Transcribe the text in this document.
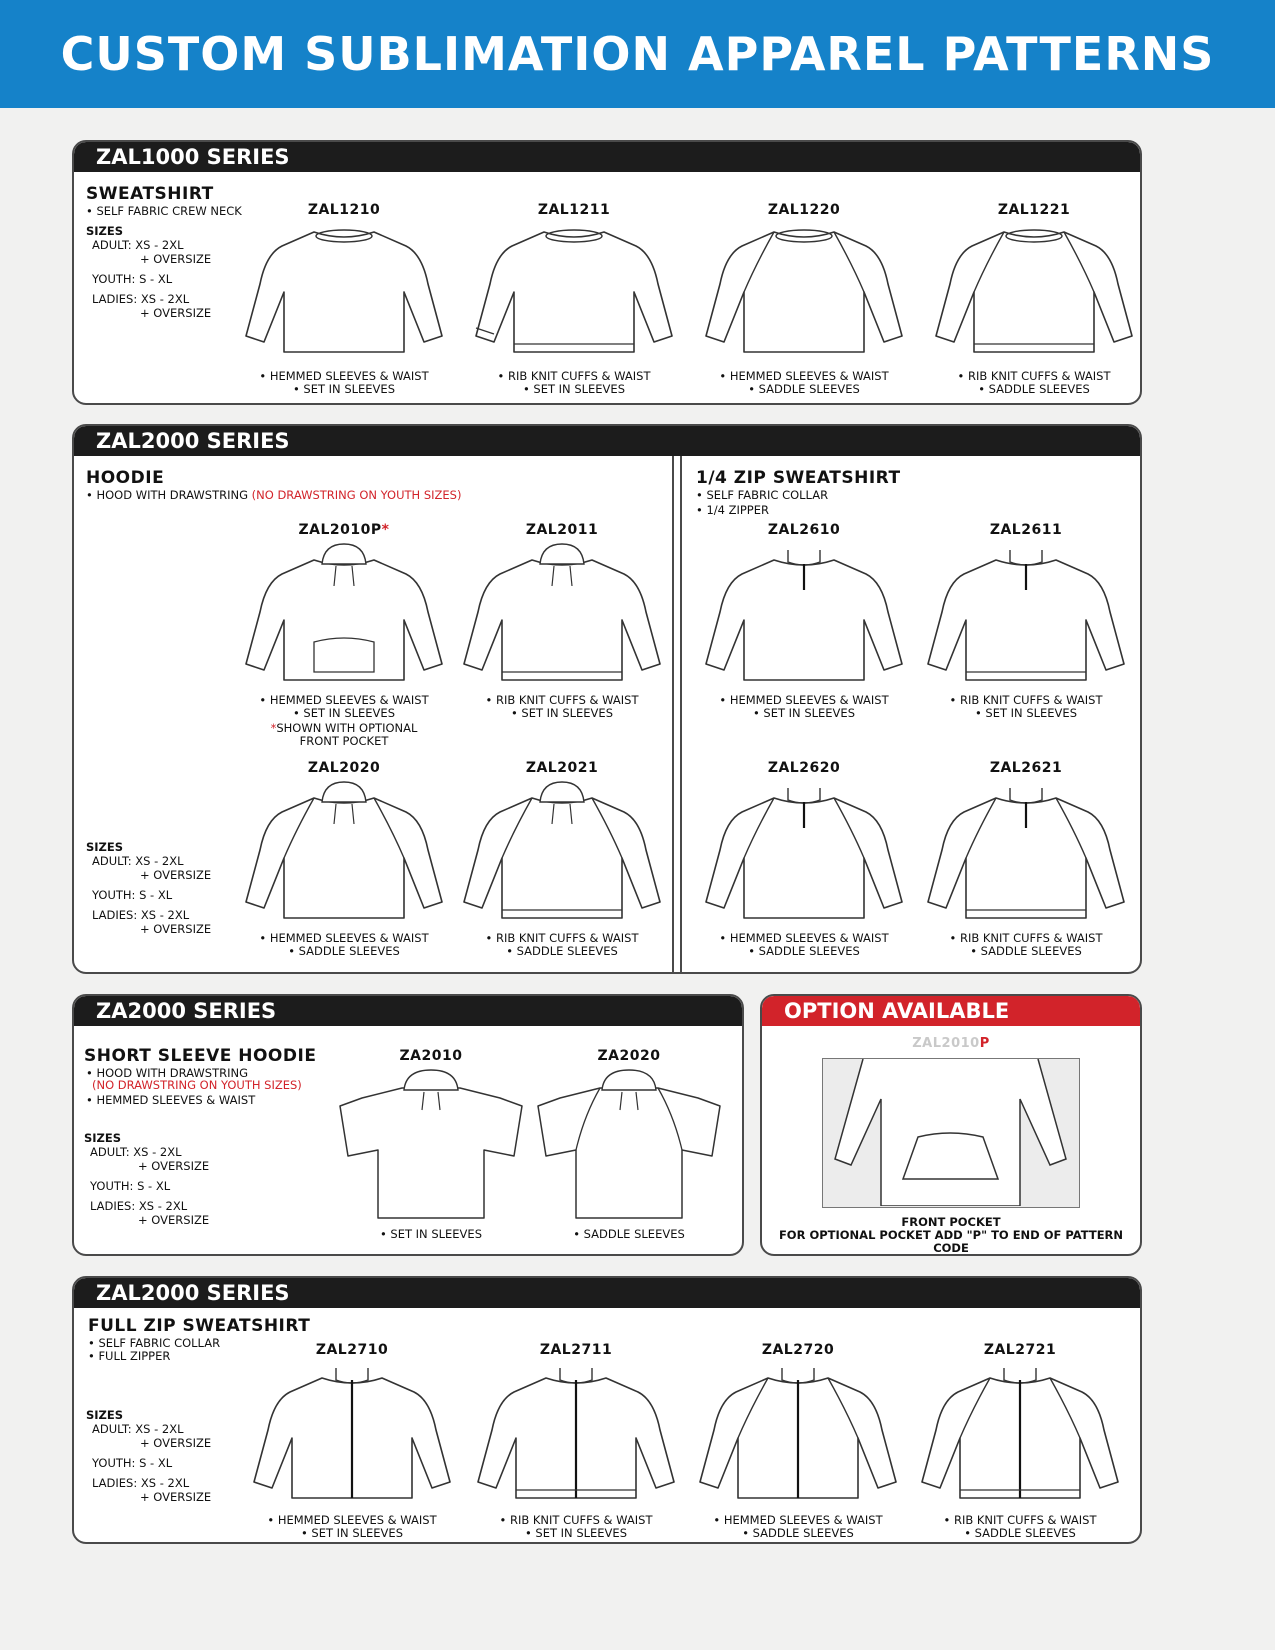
CUSTOM SUBLIMATION APPAREL PATTERNS
ZAL1000 SERIES
SWEATSHIRT
• SELF FABRIC CREW NECK
SIZES
ADULT: XS - 2XL
+ OVERSIZE
YOUTH: S - XL
LADIES: XS - 2XL
+ OVERSIZE
ZAL1210
• HEMMED SLEEVES & WAIST
• SET IN SLEEVES
ZAL1211
• RIB KNIT CUFFS & WAIST
• SET IN SLEEVES
ZAL1220
• HEMMED SLEEVES & WAIST
• SADDLE SLEEVES
ZAL1221
• RIB KNIT CUFFS & WAIST
• SADDLE SLEEVES
ZAL2000 SERIES
HOODIE
• HOOD WITH DRAWSTRING (NO DRAWSTRING ON YOUTH SIZES)
SIZES
ADULT: XS - 2XL
+ OVERSIZE
YOUTH: S - XL
LADIES: XS - 2XL
+ OVERSIZE
ZAL2010P*
• HEMMED SLEEVES & WAIST
• SET IN SLEEVES
*SHOWN WITH OPTIONAL
FRONT POCKET
ZAL2011
• RIB KNIT CUFFS & WAIST
• SET IN SLEEVES
ZAL2020
• HEMMED SLEEVES & WAIST
• SADDLE SLEEVES
ZAL2021
• RIB KNIT CUFFS & WAIST
• SADDLE SLEEVES
1/4 ZIP SWEATSHIRT
• SELF FABRIC COLLAR
• 1/4 ZIPPER
ZAL2610
• HEMMED SLEEVES & WAIST
• SET IN SLEEVES
ZAL2611
• RIB KNIT CUFFS & WAIST
• SET IN SLEEVES
ZAL2620
• HEMMED SLEEVES & WAIST
• SADDLE SLEEVES
ZAL2621
• RIB KNIT CUFFS & WAIST
• SADDLE SLEEVES
ZA2000 SERIES
SHORT SLEEVE HOODIE
• HOOD WITH DRAWSTRING
(NO DRAWSTRING ON YOUTH SIZES)
• HEMMED SLEEVES & WAIST
SIZES
ADULT: XS - 2XL
+ OVERSIZE
YOUTH: S - XL
LADIES: XS - 2XL
+ OVERSIZE
ZA2010
• SET IN SLEEVES
ZA2020
• SADDLE SLEEVES
OPTION AVAILABLE
ZAL2010P
FRONT POCKET
FOR OPTIONAL POCKET ADD "P" TO END OF PATTERN CODE
ZAL2000 SERIES
FULL ZIP SWEATSHIRT
• SELF FABRIC COLLAR
• FULL ZIPPER
SIZES
ADULT: XS - 2XL
+ OVERSIZE
YOUTH: S - XL
LADIES: XS - 2XL
+ OVERSIZE
ZAL2710
• HEMMED SLEEVES & WAIST
• SET IN SLEEVES
ZAL2711
• RIB KNIT CUFFS & WAIST
• SET IN SLEEVES
ZAL2720
• HEMMED SLEEVES & WAIST
• SADDLE SLEEVES
ZAL2721
• RIB KNIT CUFFS & WAIST
• SADDLE SLEEVES
